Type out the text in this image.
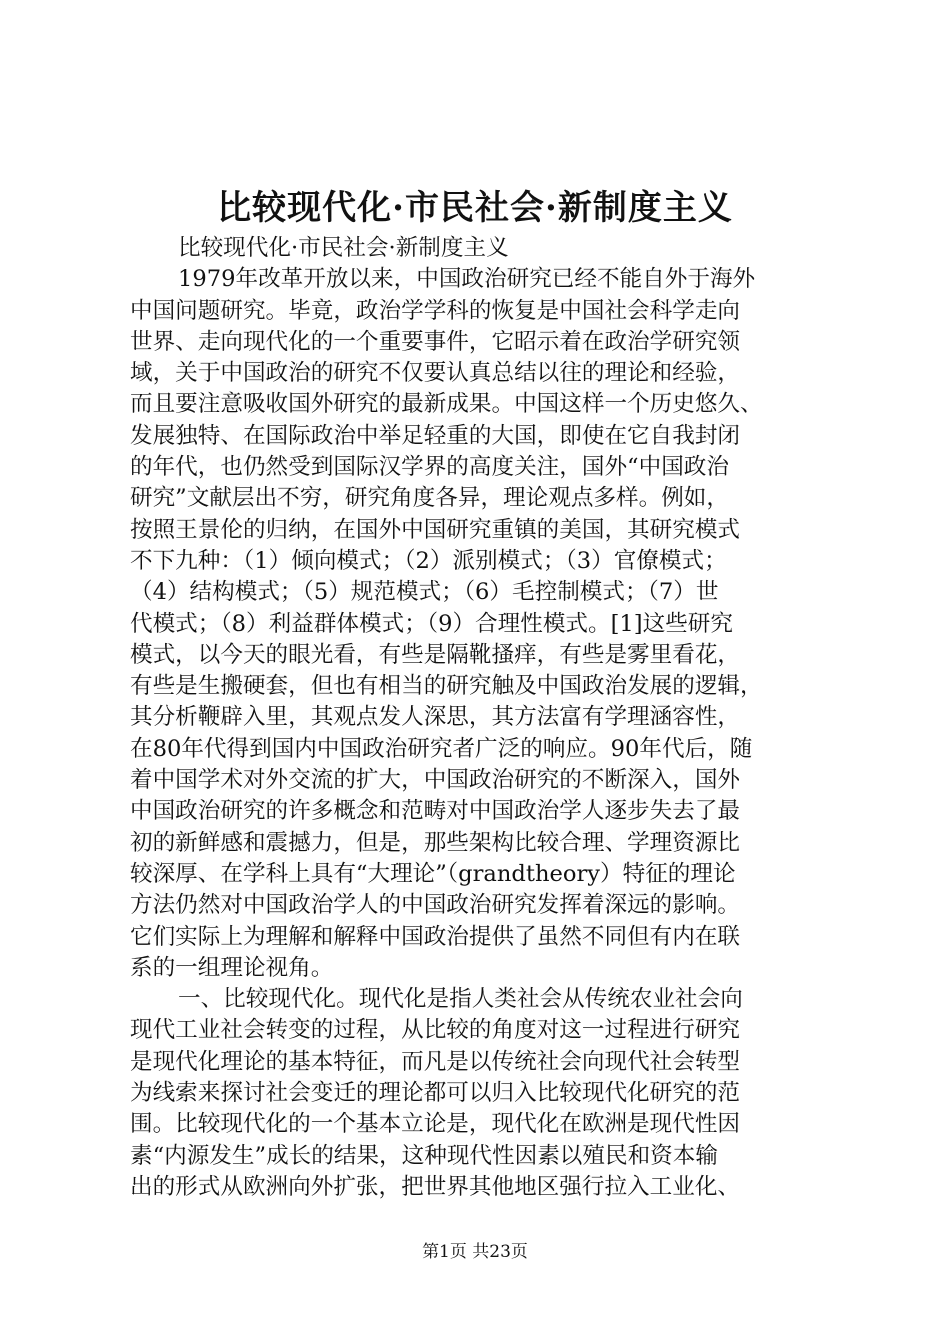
比较现代化·市民社会·新制度主义
比较现代化·市民社会·新制度主义
1979年改革开放以来，中国政治研究已经不能自外于海外
中国问题研究。毕竟，政治学学科的恢复是中国社会科学走向
世界、走向现代化的一个重要事件，它昭示着在政治学研究领
域，关于中国政治的研究不仅要认真总结以往的理论和经验，
而且要注意吸收国外研究的最新成果。中国这样一个历史悠久、
发展独特、在国际政治中举足轻重的大国，即使在它自我封闭
的年代，也仍然受到国际汉学界的高度关注，国外“中国政治
研究”文献层出不穷，研究角度各异，理论观点多样。例如，
按照王景伦的归纳，在国外中国研究重镇的美国，其研究模式
不下九种：（1）倾向模式；（2）派别模式；（3）官僚模式；
（4）结构模式；（5）规范模式；（6）毛控制模式；（7）世
代模式；（8）利益群体模式；（9）合理性模式。[1]这些研究
模式，以今天的眼光看，有些是隔靴搔痒，有些是雾里看花，
有些是生搬硬套，但也有相当的研究触及中国政治发展的逻辑，
其分析鞭辟入里，其观点发人深思，其方法富有学理涵容性，
在80年代得到国内中国政治研究者广泛的响应。90年代后，随
着中国学术对外交流的扩大，中国政治研究的不断深入，国外
中国政治研究的许多概念和范畴对中国政治学人逐步失去了最
初的新鲜感和震撼力，但是，那些架构比较合理、学理资源比
较深厚、在学科上具有“大理论”（grandtheory）特征的理论
方法仍然对中国政治学人的中国政治研究发挥着深远的影响。
它们实际上为理解和解释中国政治提供了虽然不同但有内在联
系的一组理论视角。
一、比较现代化。现代化是指人类社会从传统农业社会向
现代工业社会转变的过程，从比较的角度对这一过程进行研究
是现代化理论的基本特征，而凡是以传统社会向现代社会转型
为线索来探讨社会变迁的理论都可以归入比较现代化研究的范
围。比较现代化的一个基本立论是，现代化在欧洲是现代性因
素“内源发生”成长的结果，这种现代性因素以殖民和资本输
出的形式从欧洲向外扩张，把世界其他地区强行拉入工业化、
第1页 共23页
